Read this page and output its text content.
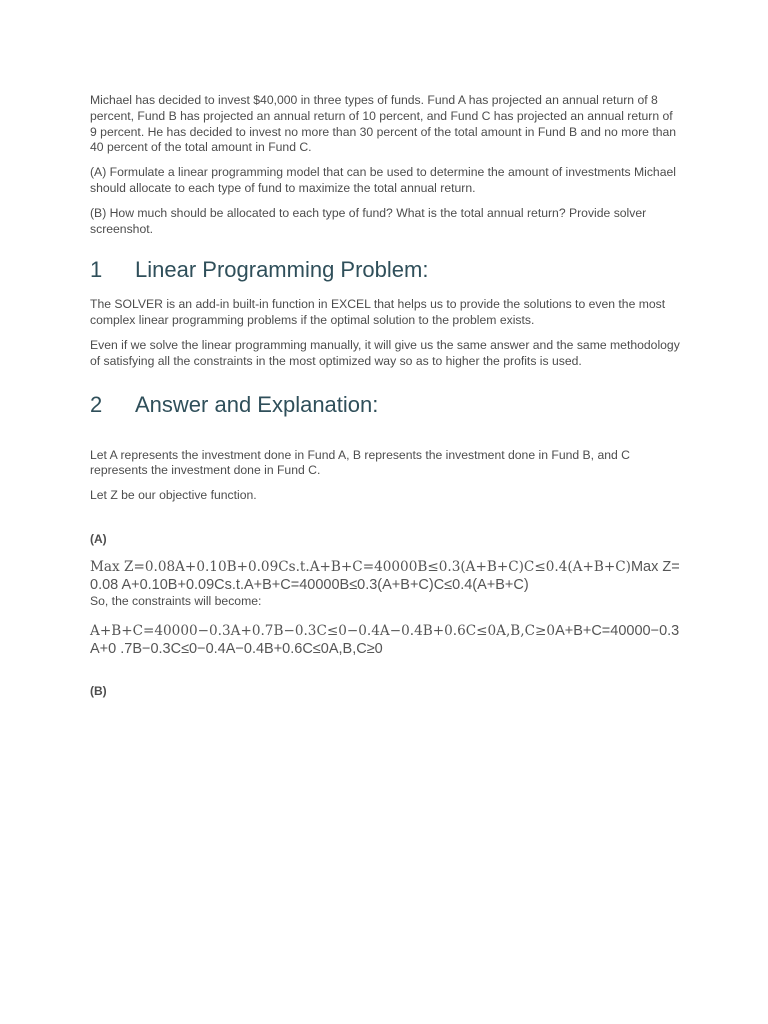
Michael has decided to invest $40,000 in three types of funds. Fund A has projected an annual return of 8 percent, Fund B has projected an annual return of 10 percent, and Fund C has projected an annual return of 9 percent. He has decided to invest no more than 30 percent of the total amount in Fund B and no more than 40 percent of the total amount in Fund C.

(A) Formulate a linear programming model that can be used to determine the amount of investments Michael should allocate to each type of fund to maximize the total annual return.

(B) How much should be allocated to each type of fund? What is the total annual return? Provide solver screenshot.

1	Linear Programming Problem:

The SOLVER is an add-in built-in function in EXCEL that helps us to provide the solutions to even the most complex linear programming problems if the optimal solution to the problem exists.

Even if we solve the linear programming manually, it will give us the same answer and the same methodology of satisfying all the constraints in the most optimized way so as to higher the profits is used.

2	Answer and Explanation:

Let A represents the investment done in Fund A, B represents the investment done in Fund B, and C represents the investment done in Fund C.

Let Z be our objective function.

(A)

Max Z=0.08A+0.10B+0.09Cs.t.A+B+C=40000B≤0.3(A+B+C)C≤0.4(A+B+C)Max Z=0.08 A+0.10B+0.09Cs.t.A+B+C=40000B≤0.3(A+B+C)C≤0.4(A+B+C)

So, the constraints will become:

A+B+C=40000−0.3A+0.7B−0.3C≤0−0.4A−0.4B+0.6C≤0A,B,C≥0A+B+C=40000−0.3A+0 .7B−0.3C≤0−0.4A−0.4B+0.6C≤0A,B,C≥0

(B)
